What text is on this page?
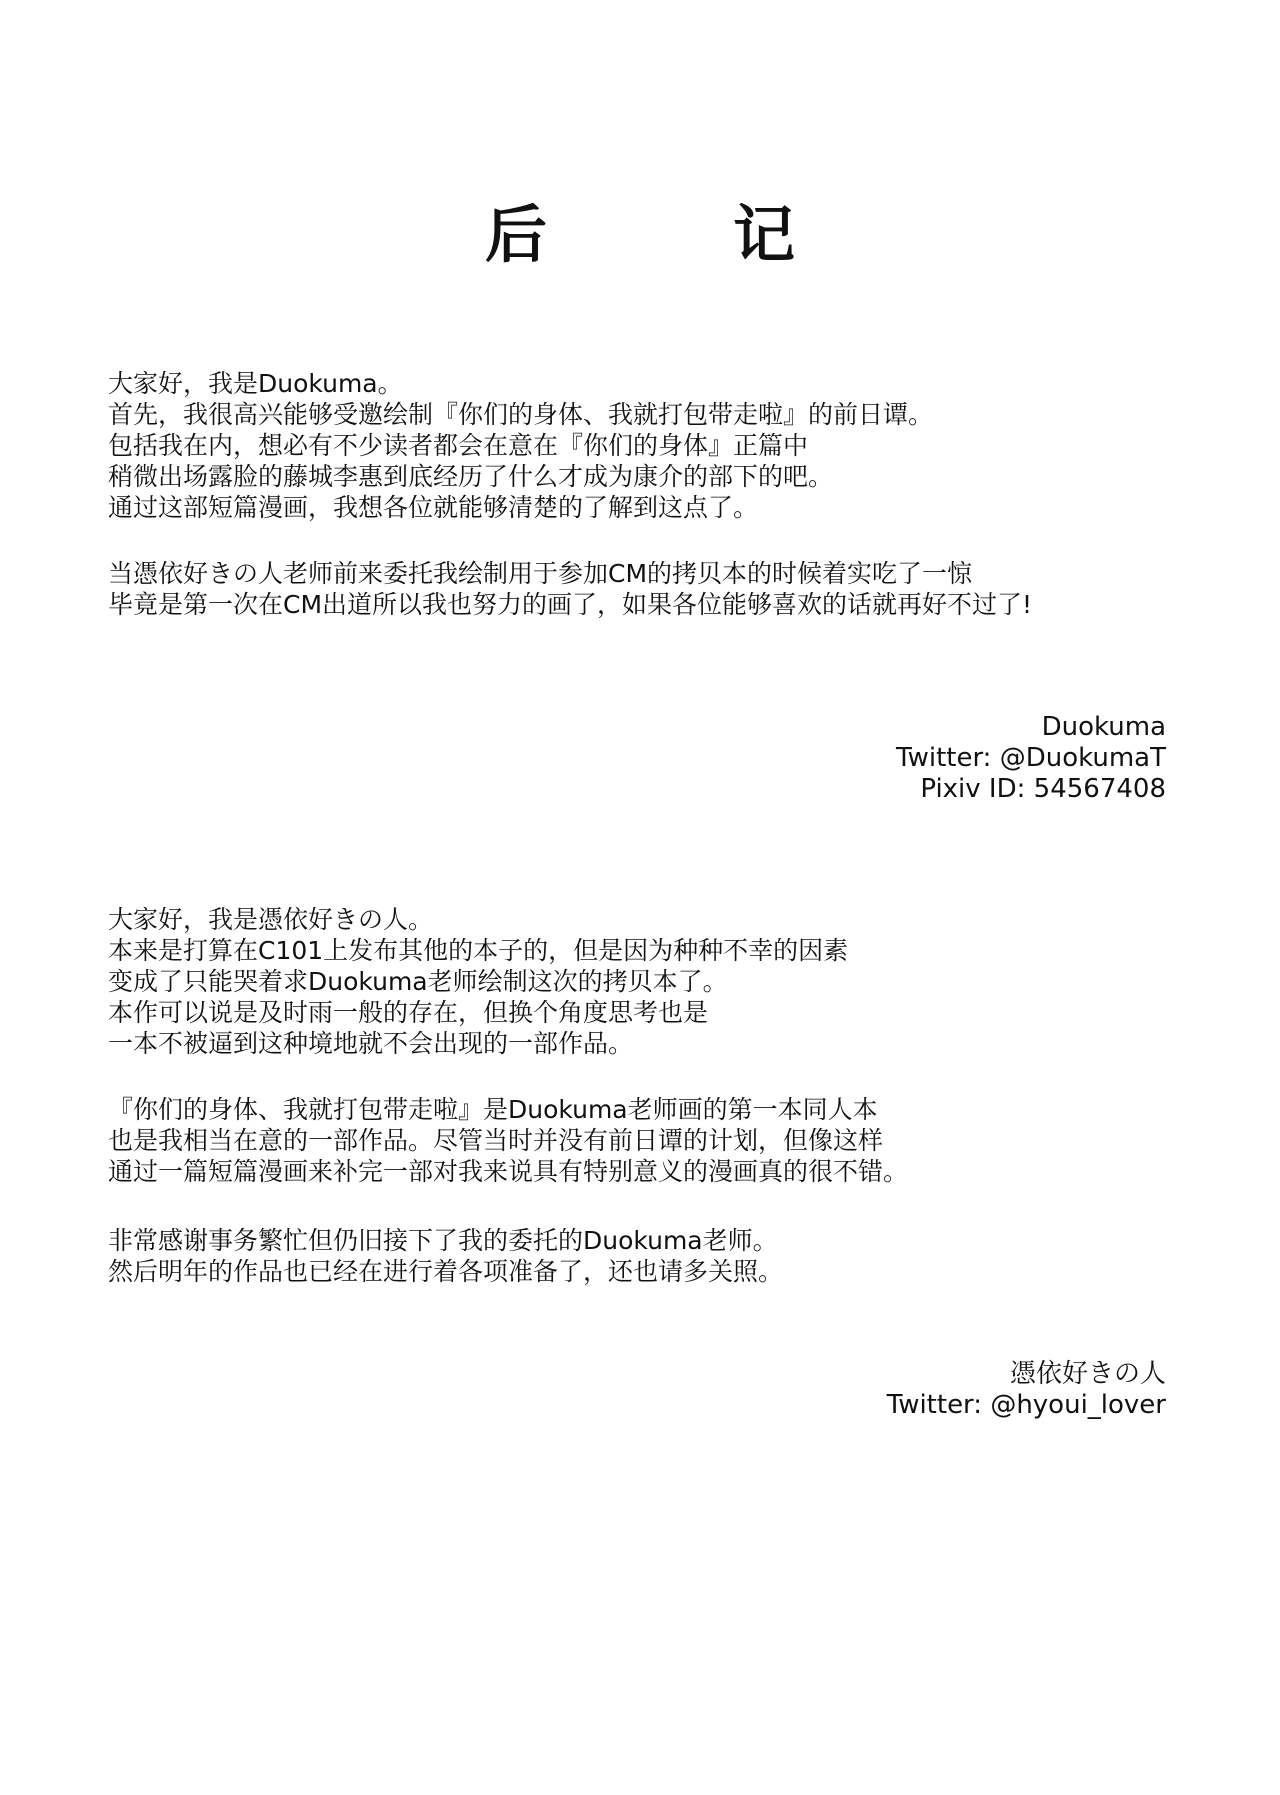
后　记
大家好，我是Duokuma。
首先，我很高兴能够受邀绘制『你们的身体、我就打包带走啦』的前日谭。
包括我在内，想必有不少读者都会在意在『你们的身体』正篇中
稍微出场露脸的藤城李惠到底经历了什么才成为康介的部下的吧。
通过这部短篇漫画，我想各位就能够清楚的了解到这点了。
当憑依好きの人老师前来委托我绘制用于参加CM的拷贝本的时候着实吃了一惊
毕竟是第一次在CM出道所以我也努力的画了，如果各位能够喜欢的话就再好不过了!
Duokuma
Twitter: @DuokumaT
Pixiv ID: 54567408
大家好，我是憑依好きの人。
本来是打算在C101上发布其他的本子的，但是因为种种不幸的因素
变成了只能哭着求Duokuma老师绘制这次的拷贝本了。
本作可以说是及时雨一般的存在，但换个角度思考也是
一本不被逼到这种境地就不会出现的一部作品。
『你们的身体、我就打包带走啦』是Duokuma老师画的第一本同人本
也是我相当在意的一部作品。尽管当时并没有前日谭的计划，但像这样
通过一篇短篇漫画来补完一部对我来说具有特别意义的漫画真的很不错。
非常感谢事务繁忙但仍旧接下了我的委托的Duokuma老师。
然后明年的作品也已经在进行着各项准备了，还也请多关照。
憑依好きの人
Twitter: @hyoui_lover
